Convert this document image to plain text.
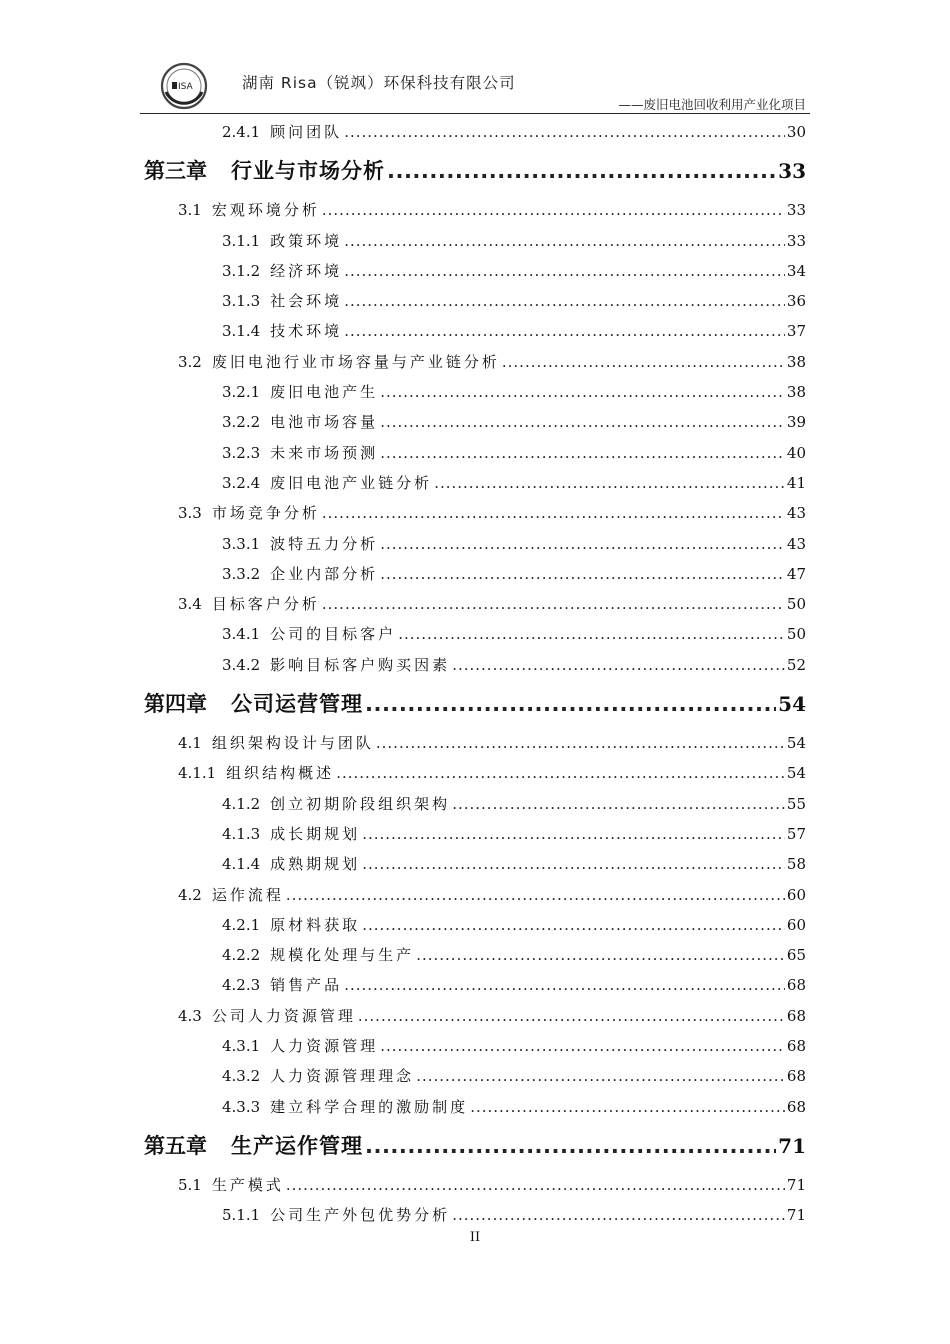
ISA	湖南 Risa（锐飒）环保科技有限公司
——废旧电池回收利用产业化项目
2.4.1 顾问团队 .....	30
第三章 行业与市场分析 .....	33
3.1 宏观环境分析 .....	33
3.1.1 政策环境 .....	33
3.1.2 经济环境 .....	34
3.1.3 社会环境 .....	36
3.1.4 技术环境 .....	37
3.2 废旧电池行业市场容量与产业链分析 .....	38
3.2.1 废旧电池产生 .....	38
3.2.2 电池市场容量 .....	39
3.2.3 未来市场预测 .....	40
3.2.4 废旧电池产业链分析 .....	41
3.3 市场竞争分析 .....	43
3.3.1 波特五力分析 .....	43
3.3.2 企业内部分析 .....	47
3.4 目标客户分析 .....	50
3.4.1 公司的目标客户 .....	50
3.4.2 影响目标客户购买因素 .....	52
第四章 公司运营管理 .....	54
4.1 组织架构设计与团队 .....	54
4.1.1 组织结构概述 .....	54
4.1.2 创立初期阶段组织架构 .....	55
4.1.3 成长期规划 .....	57
4.1.4 成熟期规划 .....	58
4.2 运作流程 .....	60
4.2.1 原材料获取 .....	60
4.2.2 规模化处理与生产 .....	65
4.2.3 销售产品 .....	68
4.3 公司人力资源管理 .....	68
4.3.1 人力资源管理 .....	68
4.3.2 人力资源管理理念 .....	68
4.3.3 建立科学合理的激励制度 .....	68
第五章 生产运作管理 .....	71
5.1 生产模式 .....	71
5.1.1 公司生产外包优势分析 .....	71
II
